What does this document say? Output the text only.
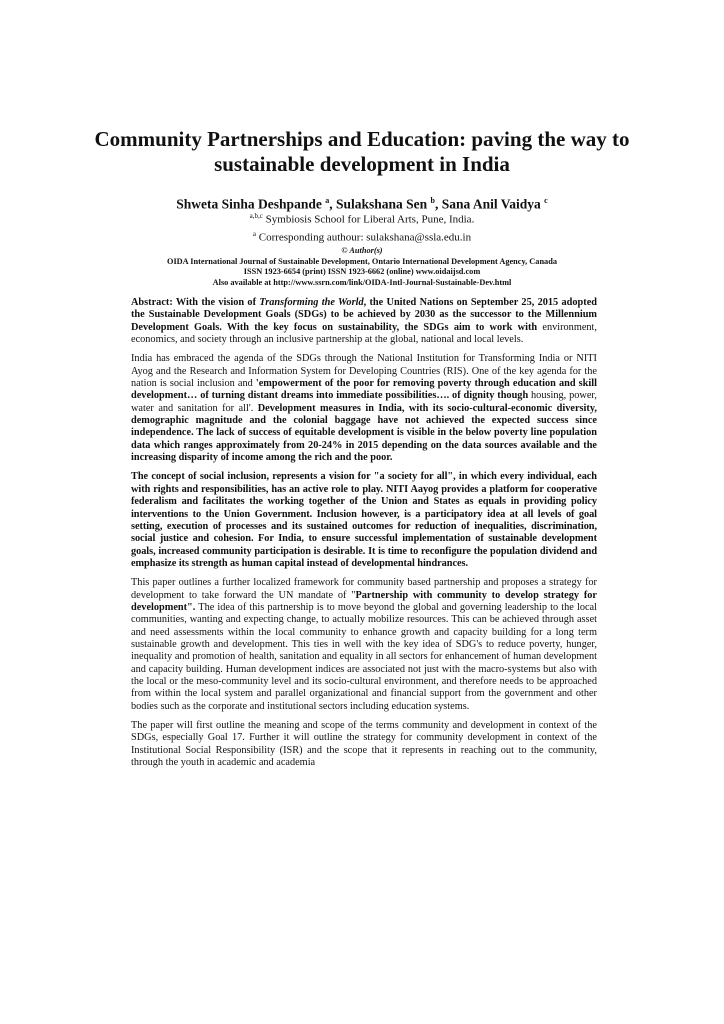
Community Partnerships and Education: paving the way to
sustainable development in India
Shweta Sinha Deshpande $^a$, Sulakshana Sen $^b$, Sana Anil Vaidya $^c$
$^{a,b,c}$ Symbiosis School for Liberal Arts, Pune, India.
$^a$ Corresponding authour: sulakshana@ssla.edu.in
© Author(s)
OIDA International Journal of Sustainable Development, Ontario International Development Agency, Canada
ISSN 1923-6654 (print) ISSN 1923-6662 (online) www.oidaijsd.com
Also available at http://www.ssrn.com/link/OIDA-Intl-Journal-Sustainable-Dev.html

Abstract: With the vision of Transforming the World, the United Nations on September 25, 2015 adopted the Sustainable Development Goals (SDGs) to be achieved by 2030 as the successor to the Millennium Development Goals. With the key focus on sustainability, the SDGs aim to work with environment, economics, and society through an inclusive partnership at the global, national and local levels.

India has embraced the agenda of the SDGs through the National Institution for Transforming India or NITI Ayog and the Research and Information System for Developing Countries (RIS). One of the key agenda for the nation is social inclusion and 'empowerment of the poor for removing poverty through education and skill development… of turning distant dreams into immediate possibilities…. of dignity though housing, power, water and sanitation for all'. Development measures in India, with its socio-cultural-economic diversity, demographic magnitude and the colonial baggage have not achieved the expected success since independence. The lack of success of equitable development is visible in the below poverty line population data which ranges approximately from 20-24% in 2015 depending on the data sources available and the increasing disparity of income among the rich and the poor.

The concept of social inclusion, represents a vision for "a society for all", in which every individual, each with rights and responsibilities, has an active role to play. NITI Aayog provides a platform for cooperative federalism and facilitates the working together of the Union and States as equals in providing policy interventions to the Union Government. Inclusion however, is a participatory idea at all levels of goal setting, execution of processes and its sustained outcomes for reduction of inequalities, discrimination, social justice and cohesion. For India, to ensure successful implementation of sustainable development goals, increased community participation is desirable. It is time to reconfigure the population dividend and emphasize its strength as human capital instead of developmental hindrances.

This paper outlines a further localized framework for community based partnership and proposes a strategy for development to take forward the UN mandate of "Partnership with community to develop strategy for development". The idea of this partnership is to move beyond the global and governing leadership to the local communities, wanting and expecting change, to actually mobilize resources. This can be achieved through asset and need assessments within the local community to enhance growth and capacity building for a long term sustainable growth and development. This ties in well with the key idea of SDG's to reduce poverty, hunger, inequality and promotion of health, sanitation and equality in all sectors for enhancement of human development and capacity building. Human development indices are associated not just with the macro-systems but also with the local or the meso-community level and its socio-cultural environment, and therefore needs to be approached from within the local system and parallel organizational and financial support from the government and other bodies such as the corporate and institutional sectors including education systems.

The paper will first outline the meaning and scope of the terms community and development in context of the SDGs, especially Goal 17. Further it will outline the strategy for community development in context of the Institutional Social Responsibility (ISR) and the scope that it represents in reaching out to the community, through the youth in academic and academia
